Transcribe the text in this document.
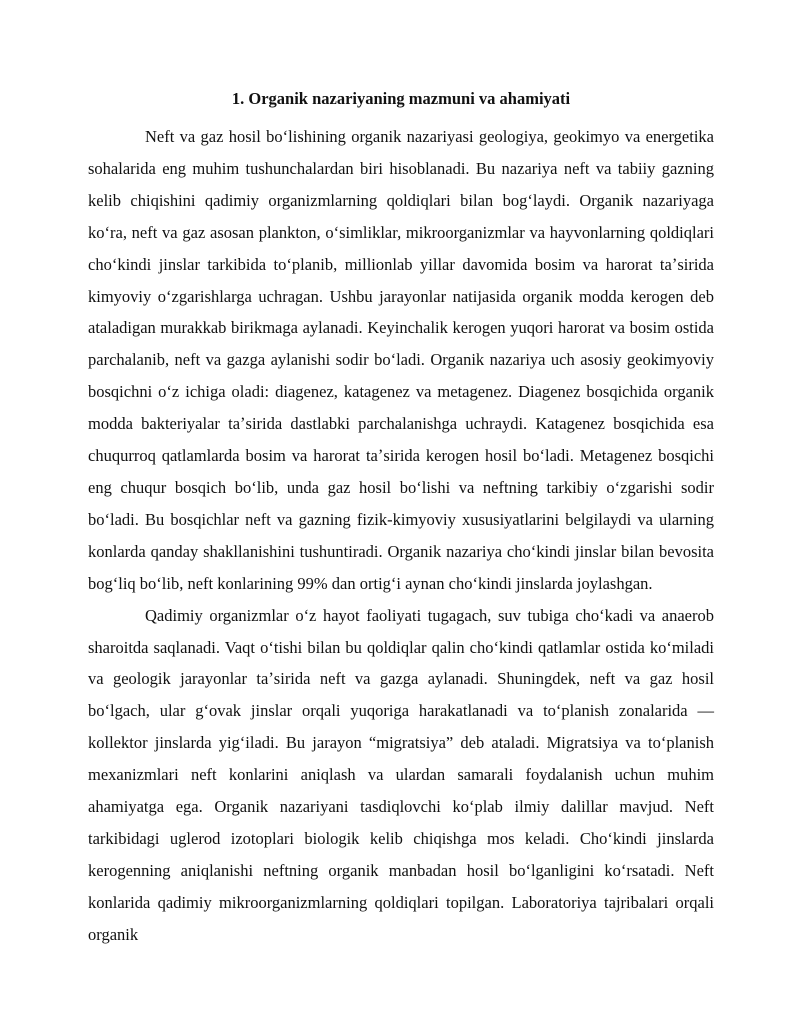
1. Organik nazariyaning mazmuni va ahamiyati

Neft va gaz hosil boʻlishining organik nazariyasi geologiya, geokimyo va energetika sohalarida eng muhim tushunchalardan biri hisoblanadi. Bu nazariya neft va tabiiy gazning kelib chiqishini qadimiy organizmlarning qoldiqlari bilan bogʻlaydi. Organik nazariyaga koʻra, neft va gaz asosan plankton, oʻsimliklar, mikroorganizmlar va hayvonlarning qoldiqlari choʻkindi jinslar tarkibida toʻplanib, millionlab yillar davomida bosim va harorat taʼsirida kimyoviy oʻzgarishlarga uchragan. Ushbu jarayonlar natijasida organik modda kerogen deb ataladigan murakkab birikmaga aylanadi. Keyinchalik kerogen yuqori harorat va bosim ostida parchalanib, neft va gazga aylanishi sodir boʻladi. Organik nazariya uch asosiy geokimyoviy bosqichni oʻz ichiga oladi: diagenez, katagenez va metagenez. Diagenez bosqichida organik modda bakteriyalar taʼsirida dastlabki parchalanishga uchraydi. Katagenez bosqichida esa chuqurroq qatlamlarda bosim va harorat taʼsirida kerogen hosil boʻladi. Metagenez bosqichi eng chuqur bosqich boʻlib, unda gaz hosil boʻlishi va neftning tarkibiy oʻzgarishi sodir boʻladi. Bu bosqichlar neft va gazning fizik-kimyoviy xususiyatlarini belgilaydi va ularning konlarda qanday shakllanishini tushuntiradi. Organik nazariya choʻkindi jinslar bilan bevosita bogʻliq boʻlib, neft konlarining 99% dan ortigʻi aynan choʻkindi jinslarda joylashgan.

Qadimiy organizmlar oʻz hayot faoliyati tugagach, suv tubiga choʻkadi va anaerob sharoitda saqlanadi. Vaqt oʻtishi bilan bu qoldiqlar qalin choʻkindi qatlamlar ostida koʻmiladi va geologik jarayonlar taʼsirida neft va gazga aylanadi. Shuningdek, neft va gaz hosil boʻlgach, ular gʻovak jinslar orqali yuqoriga harakatlanadi va toʻplanish zonalarida — kollektor jinslarda yigʻiladi. Bu jarayon “migratsiya” deb ataladi. Migratsiya va toʻplanish mexanizmlari neft konlarini aniqlash va ulardan samarali foydalanish uchun muhim ahamiyatga ega. Organik nazariyani tasdiqlovchi koʻplab ilmiy dalillar mavjud. Neft tarkibidagi uglerod izotoplari biologik kelib chiqishga mos keladi. Choʻkindi jinslarda kerogenning aniqlanishi neftning organik manbadan hosil boʻlganligini koʻrsatadi. Neft konlarida qadimiy mikroorganizmlarning qoldiqlari topilgan. Laboratoriya tajribalari orqali organik
